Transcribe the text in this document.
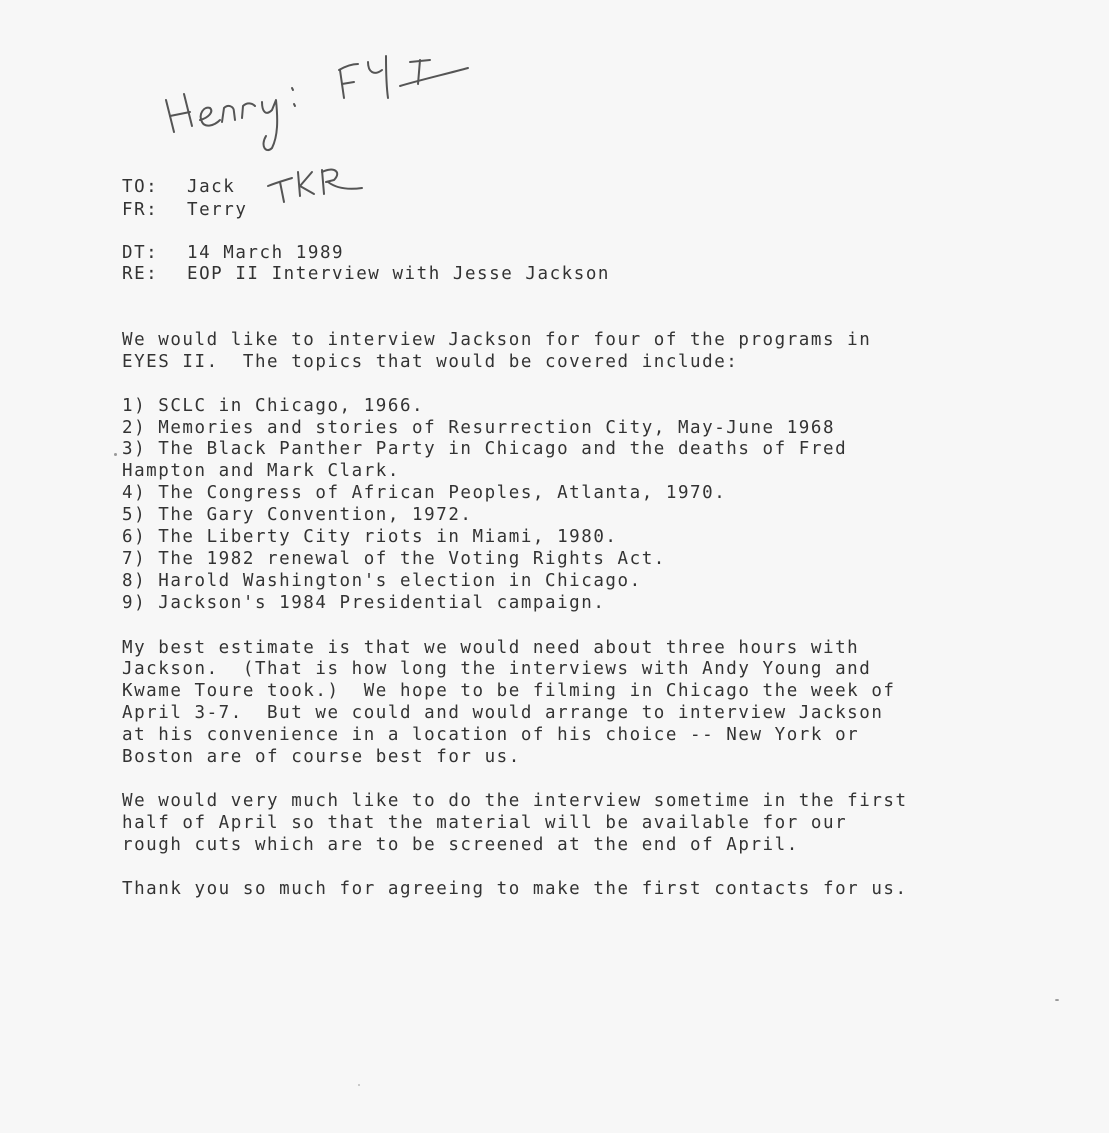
TO: Jack
FR: Terry
DT: 14 March 1989
RE: EOP II Interview with Jesse Jackson
We would like to interview Jackson for four of the programs in
EYES II.  The topics that would be covered include:
1) SCLC in Chicago, 1966.
2) Memories and stories of Resurrection City, May-June 1968
3) The Black Panther Party in Chicago and the deaths of Fred
Hampton and Mark Clark.
4) The Congress of African Peoples, Atlanta, 1970.
5) The Gary Convention, 1972.
6) The Liberty City riots in Miami, 1980.
7) The 1982 renewal of the Voting Rights Act.
8) Harold Washington's election in Chicago.
9) Jackson's 1984 Presidential campaign.
My best estimate is that we would need about three hours with
Jackson.  (That is how long the interviews with Andy Young and
Kwame Toure took.)  We hope to be filming in Chicago the week of
April 3-7.  But we could and would arrange to interview Jackson
at his convenience in a location of his choice -- New York or
Boston are of course best for us.
We would very much like to do the interview sometime in the first
half of April so that the material will be available for our
rough cuts which are to be screened at the end of April.
Thank you so much for agreeing to make the first contacts for us.
